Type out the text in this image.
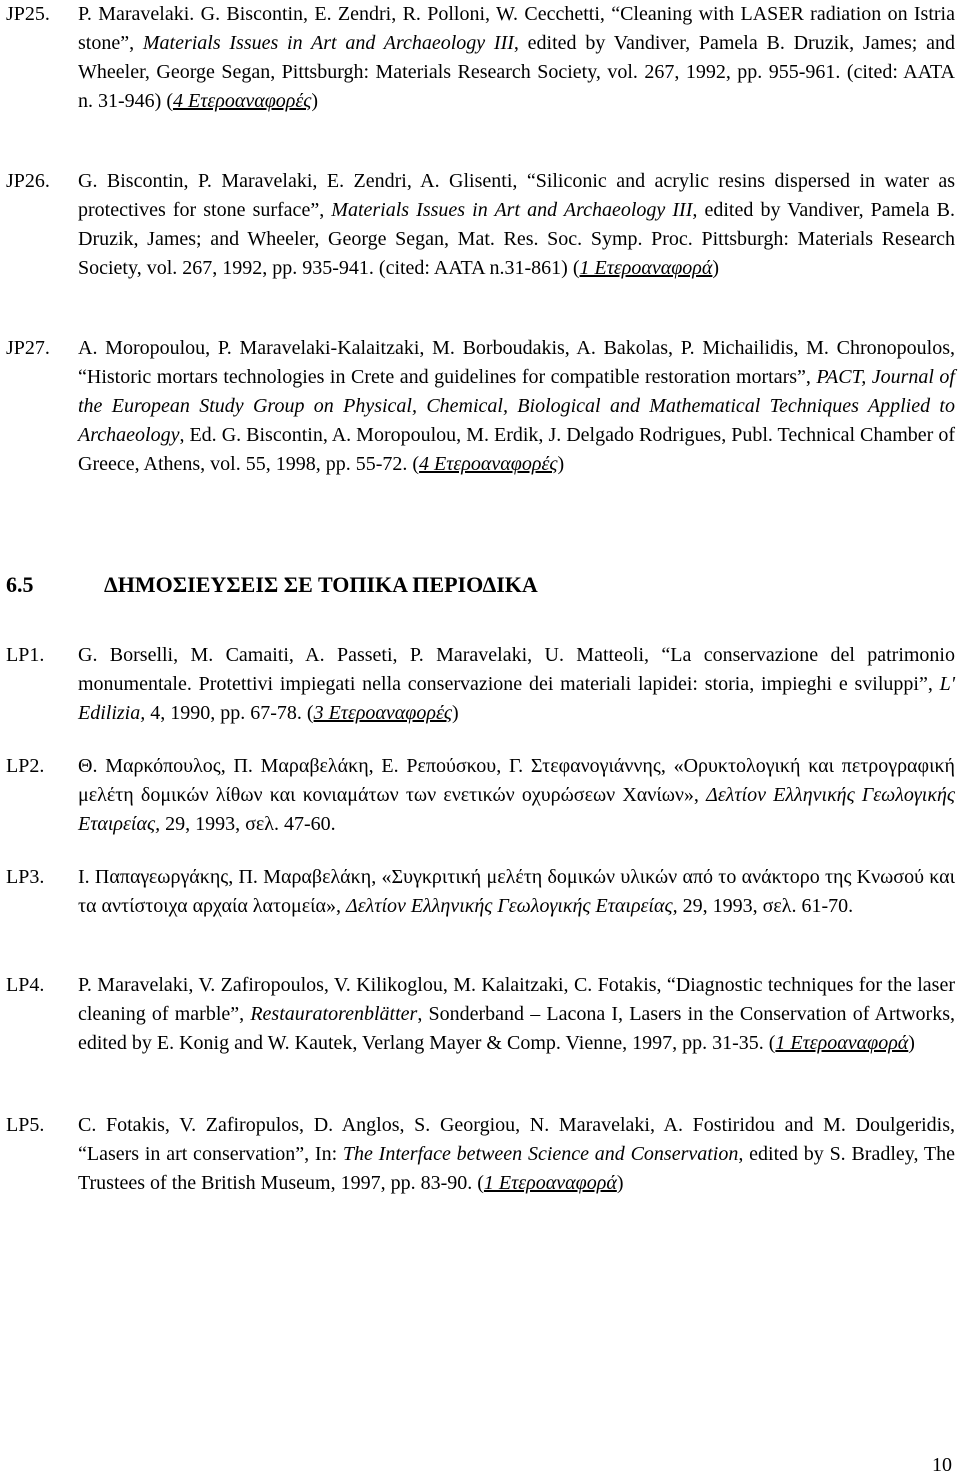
JP25. P. Maravelaki. G. Biscontin, E. Zendri, R. Polloni, W. Cecchetti, “Cleaning with LASER radiation on Istria stone”, Materials Issues in Art and Archaeology III, edited by Vandiver, Pamela B. Druzik, James; and Wheeler, George Segan, Pittsburgh: Materials Research Society, vol. 267, 1992, pp. 955-961. (cited: AATA n. 31-946) (4 Ετεροαναφορές)
JP26. G. Biscontin, P. Maravelaki, E. Zendri, A. Glisenti, “Siliconic and acrylic resins dispersed in water as protectives for stone surface”, Materials Issues in Art and Archaeology III, edited by Vandiver, Pamela B. Druzik, James; and Wheeler, George Segan, Mat. Res. Soc. Symp. Proc. Pittsburgh: Materials Research Society, vol. 267, 1992, pp. 935-941. (cited: AATA n.31-861) (1 Ετεροαναφορά)
JP27. A. Moropoulou, P. Maravelaki-Kalaitzaki, M. Borboudakis, A. Bakolas, P. Michailidis, M. Chronopoulos, “Historic mortars technologies in Crete and guidelines for compatible restoration mortars”, PACT, Journal of the European Study Group on Physical, Chemical, Biological and Mathematical Techniques Applied to Archaeology, Ed. G. Biscontin, A. Moropoulou, M. Erdik, J. Delgado Rodrigues, Publ. Technical Chamber of Greece, Athens, vol. 55, 1998, pp. 55-72. (4 Ετεροαναφορές)
6.5	ΔΗΜΟΣΙΕΥΣΕΙΣ ΣΕ ΤΟΠΙΚΑ ΠΕΡΙΟΔΙΚΑ
LP1. G. Borselli, M. Camaiti, A. Passeti, P. Maravelaki, U. Matteoli, “La conservazione del patrimonio monumentale. Protettivi impiegati nella conservazione dei materiali lapidei: storia, impieghi e sviluppi”, L' Edilizia, 4, 1990, pp. 67-78. (3 Ετεροαναφορές)
LP2. Θ. Μαρκόπουλος, Π. Μαραβελάκη, Ε. Ρεπούσκου, Γ. Στεφανογιάννης, «Ορυκτολογική και πετρογραφική μελέτη δομικών λίθων και κονιαμάτων των ενετικών οχυρώσεων Χανίων», Δελτίον Ελληνικής Γεωλογικής Εταιρείας, 29, 1993, σελ. 47-60.
LP3. Ι. Παπαγεωργάκης, Π. Μαραβελάκη, «Συγκριτική μελέτη δομικών υλικών από το ανάκτορο της Κνωσού και τα αντίστοιχα αρχαία λατομεία», Δελτίον Ελληνικής Γεωλογικής Εταιρείας, 29, 1993, σελ. 61-70.
LP4. P. Maravelaki, V. Zafiropoulos, V. Kilikoglou, M. Kalaitzaki, C. Fotakis, “Diagnostic techniques for the laser cleaning of marble”, Restauratorenblätter, Sonderband – Lacona I, Lasers in the Conservation of Artworks, edited by E. Konig and W. Kautek, Verlang Mayer & Comp. Vienne, 1997, pp. 31-35. (1 Ετεροαναφορά)
LP5. C. Fotakis, V. Zafiropulos, D. Anglos, S. Georgiou, N. Maravelaki, A. Fostiridou and M. Doulgeridis, “Lasers in art conservation”, In: The Interface between Science and Conservation, edited by S. Bradley, The Trustees of the British Museum, 1997, pp. 83-90. (1 Ετεροαναφορά)
10
